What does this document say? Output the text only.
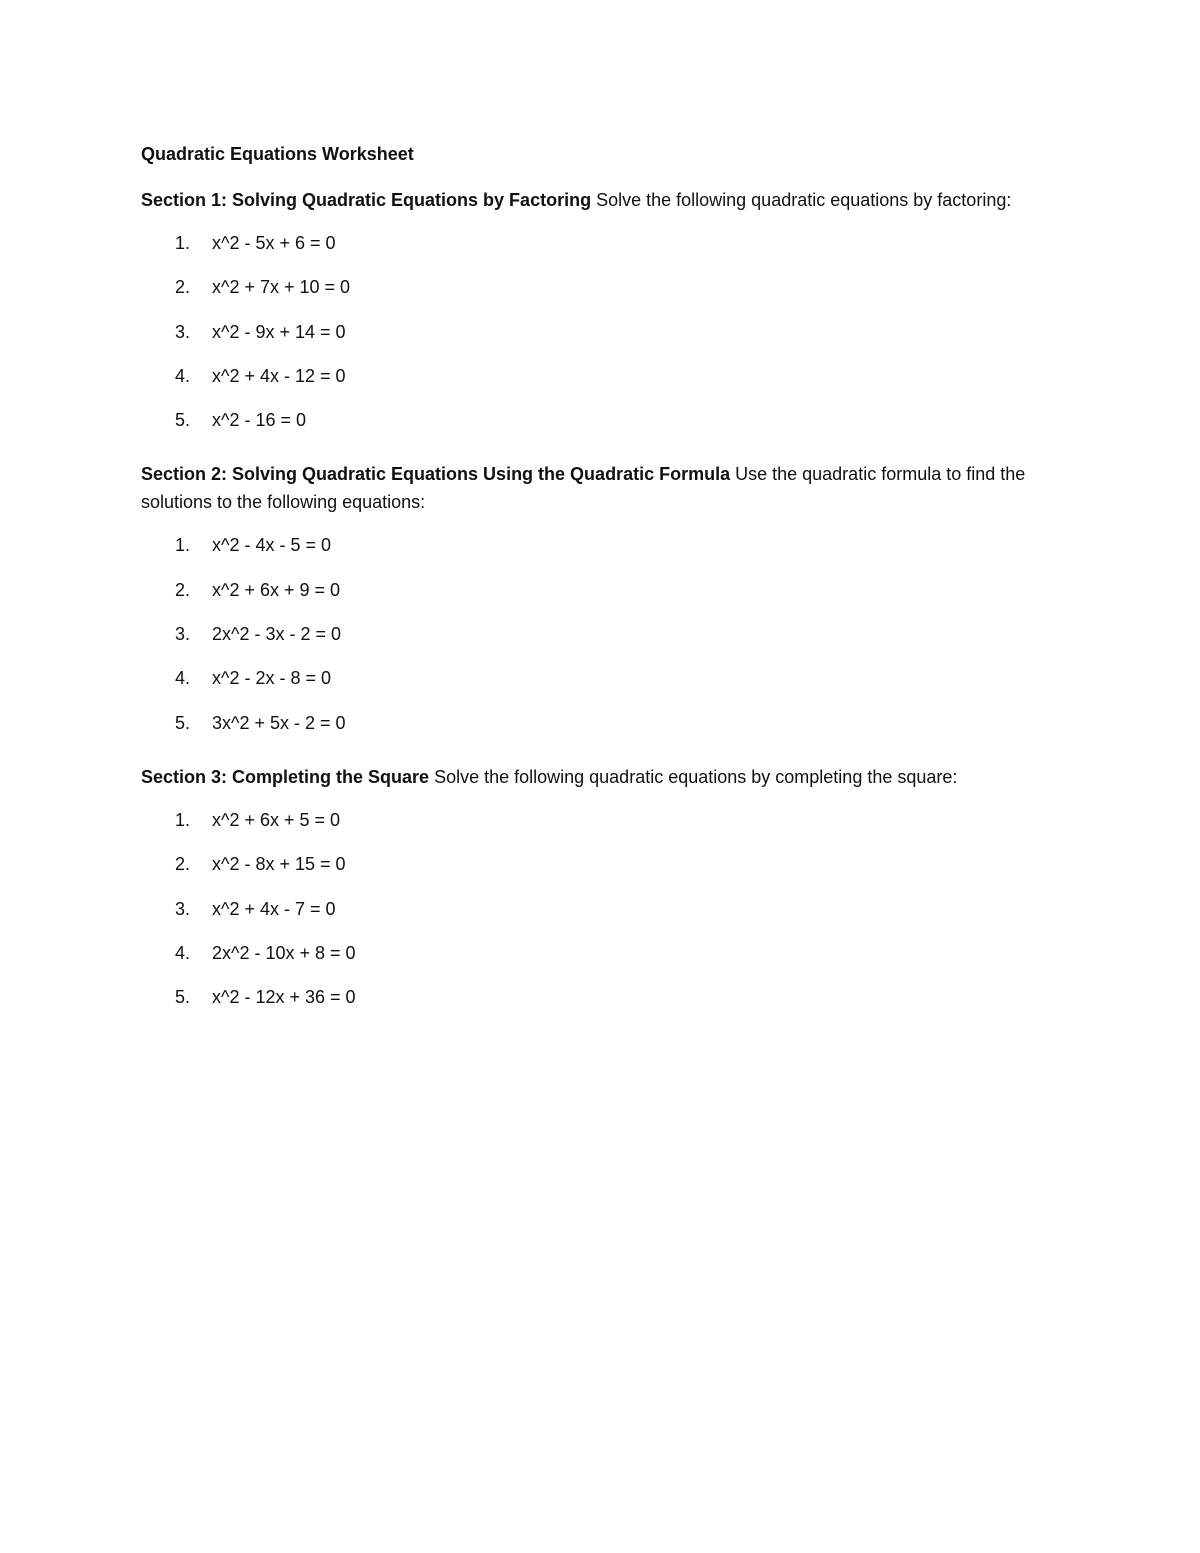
Quadratic Equations Worksheet
Section 1: Solving Quadratic Equations by Factoring Solve the following quadratic equations by factoring:
1. x^2 - 5x + 6 = 0
2. x^2 + 7x + 10 = 0
3. x^2 - 9x + 14 = 0
4. x^2 + 4x - 12 = 0
5. x^2 - 16 = 0
Section 2: Solving Quadratic Equations Using the Quadratic Formula Use the quadratic formula to find the solutions to the following equations:
1. x^2 - 4x - 5 = 0
2. x^2 + 6x + 9 = 0
3. 2x^2 - 3x - 2 = 0
4. x^2 - 2x - 8 = 0
5. 3x^2 + 5x - 2 = 0
Section 3: Completing the Square Solve the following quadratic equations by completing the square:
1. x^2 + 6x + 5 = 0
2. x^2 - 8x + 15 = 0
3. x^2 + 4x - 7 = 0
4. 2x^2 - 10x + 8 = 0
5. x^2 - 12x + 36 = 0
